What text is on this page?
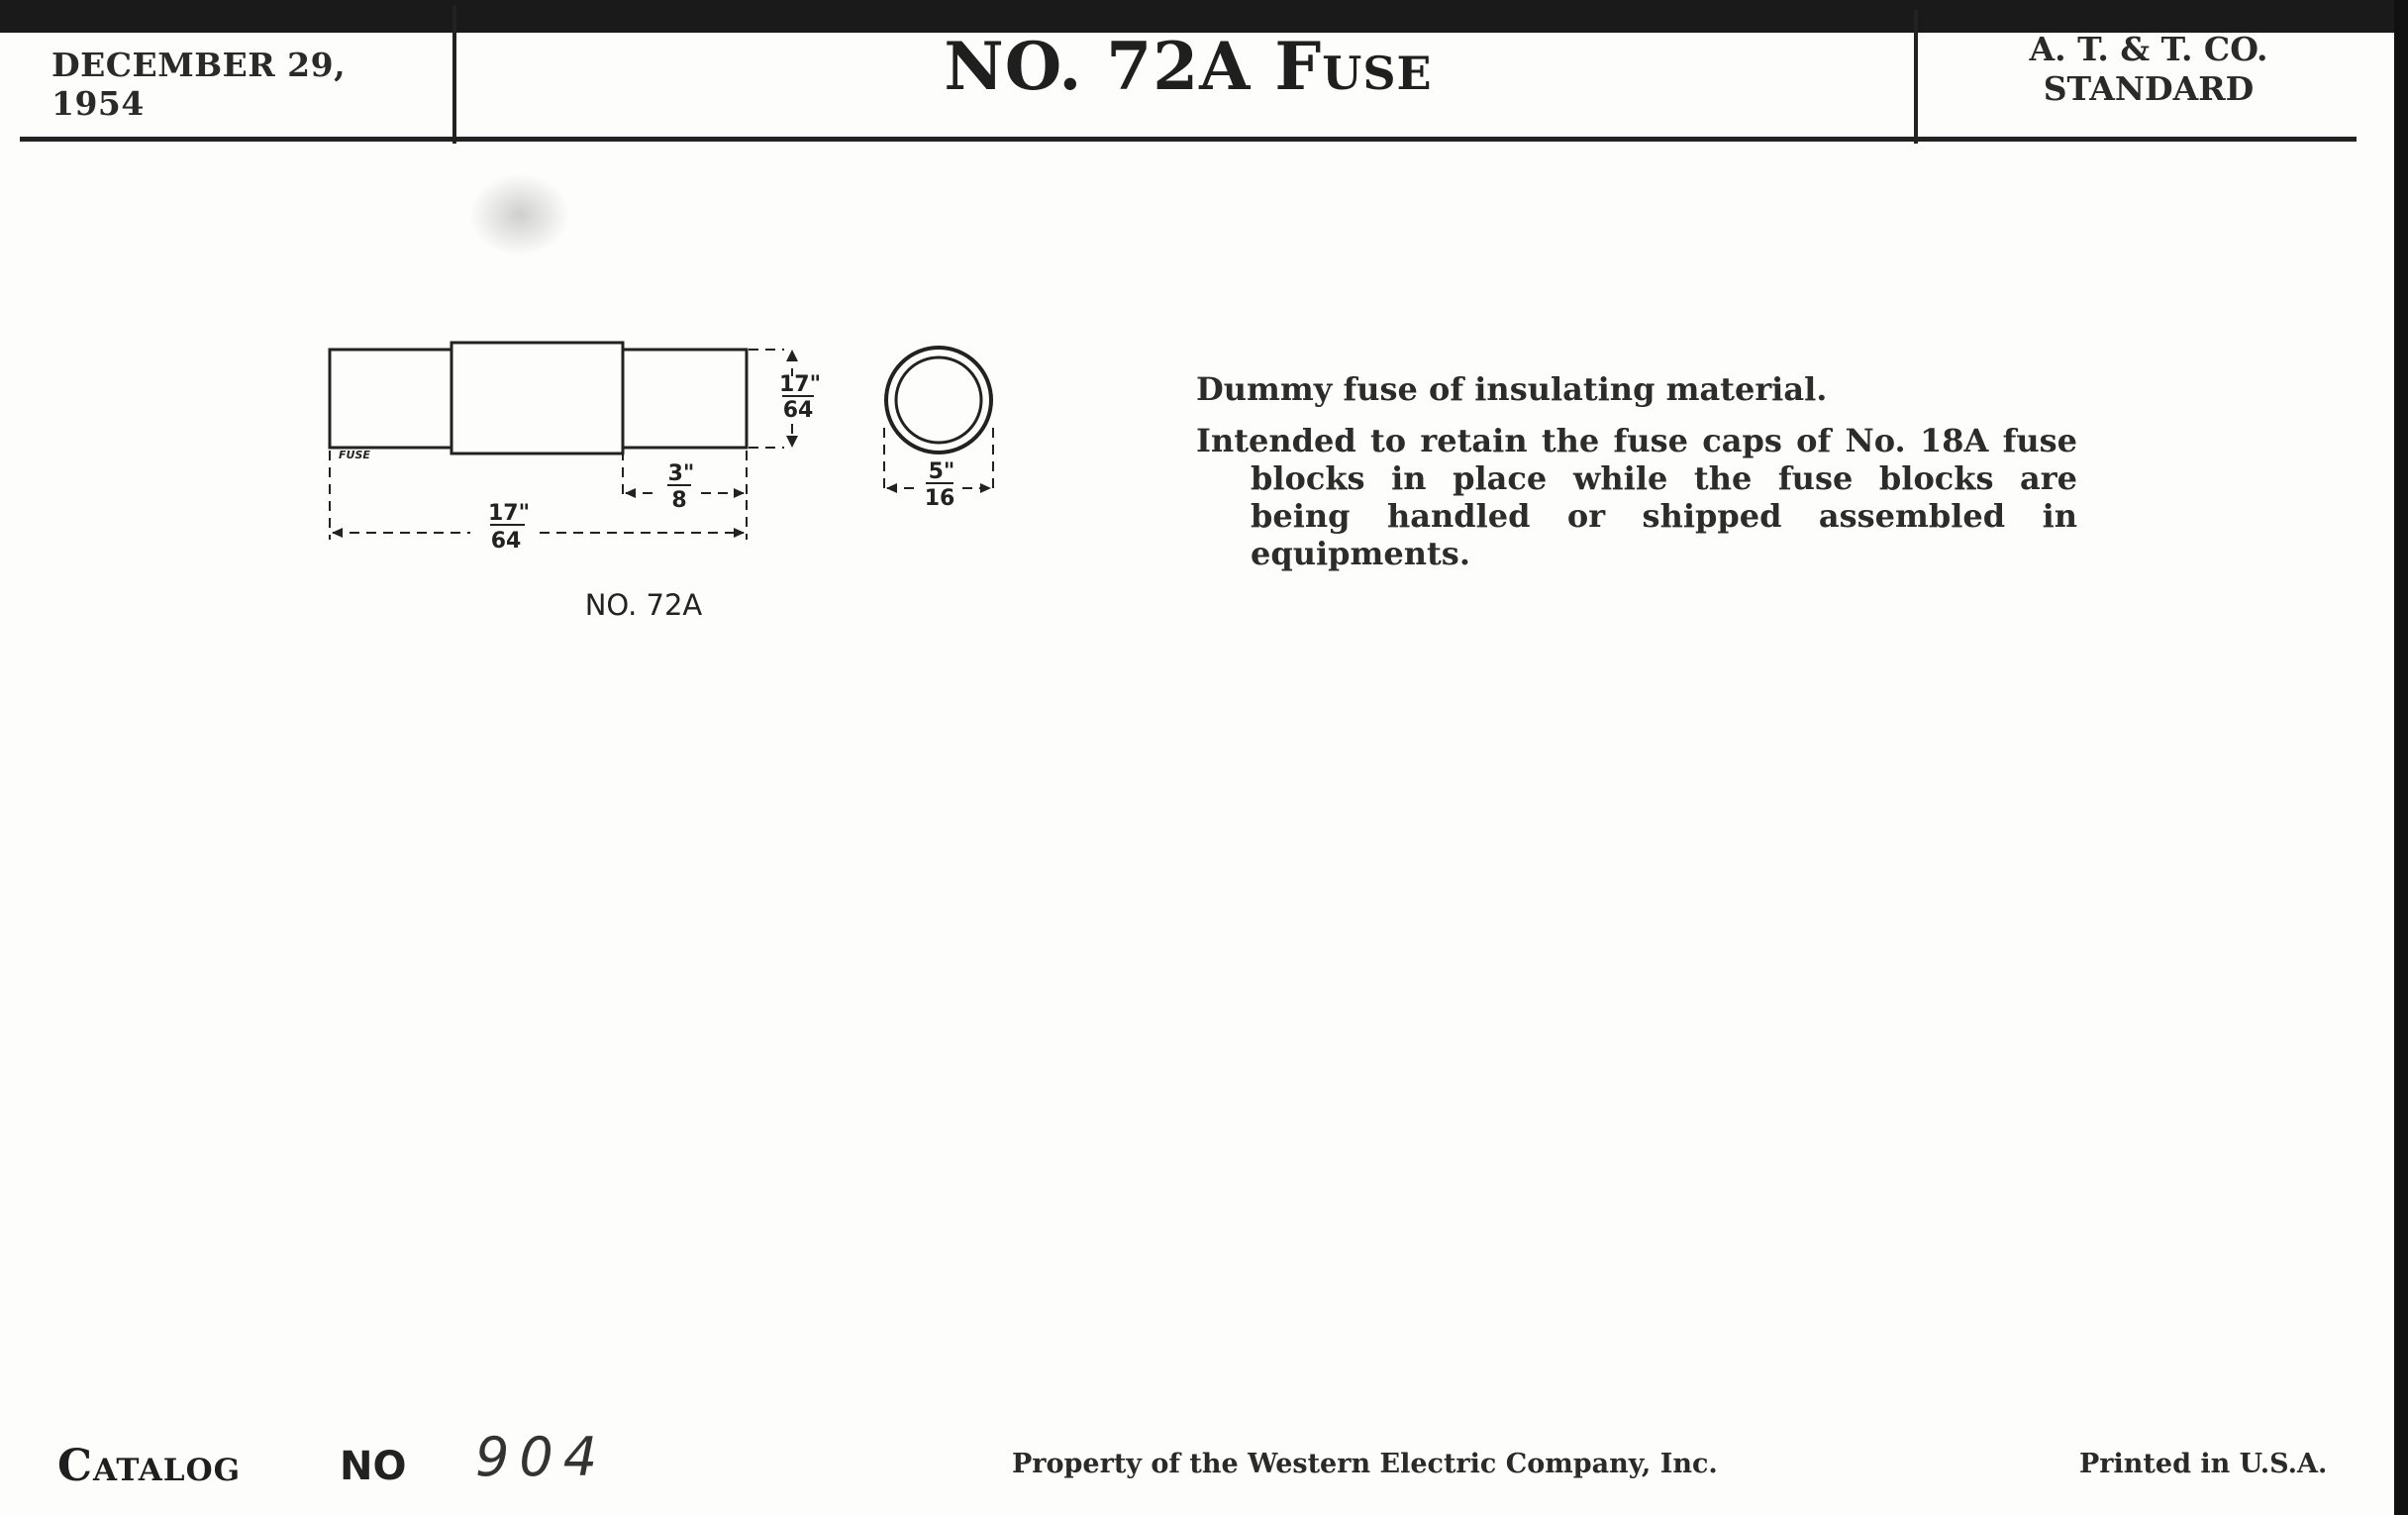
DECEMBER 29, 1954	NO. 72A Fuse	A. T. & T. CO.
STANDARD
FUSE
17"
64
3"
8
17"
64
5"
16
NO. 72A

Dummy fuse of insulating material.

Intended to retain the fuse caps of No. 18A fuse blocks in place while the fuse blocks are being handled or shipped assembled in equipments.

Catalog NO 904	Property of the Western Electric Company, Inc.	Printed in U.S.A.
